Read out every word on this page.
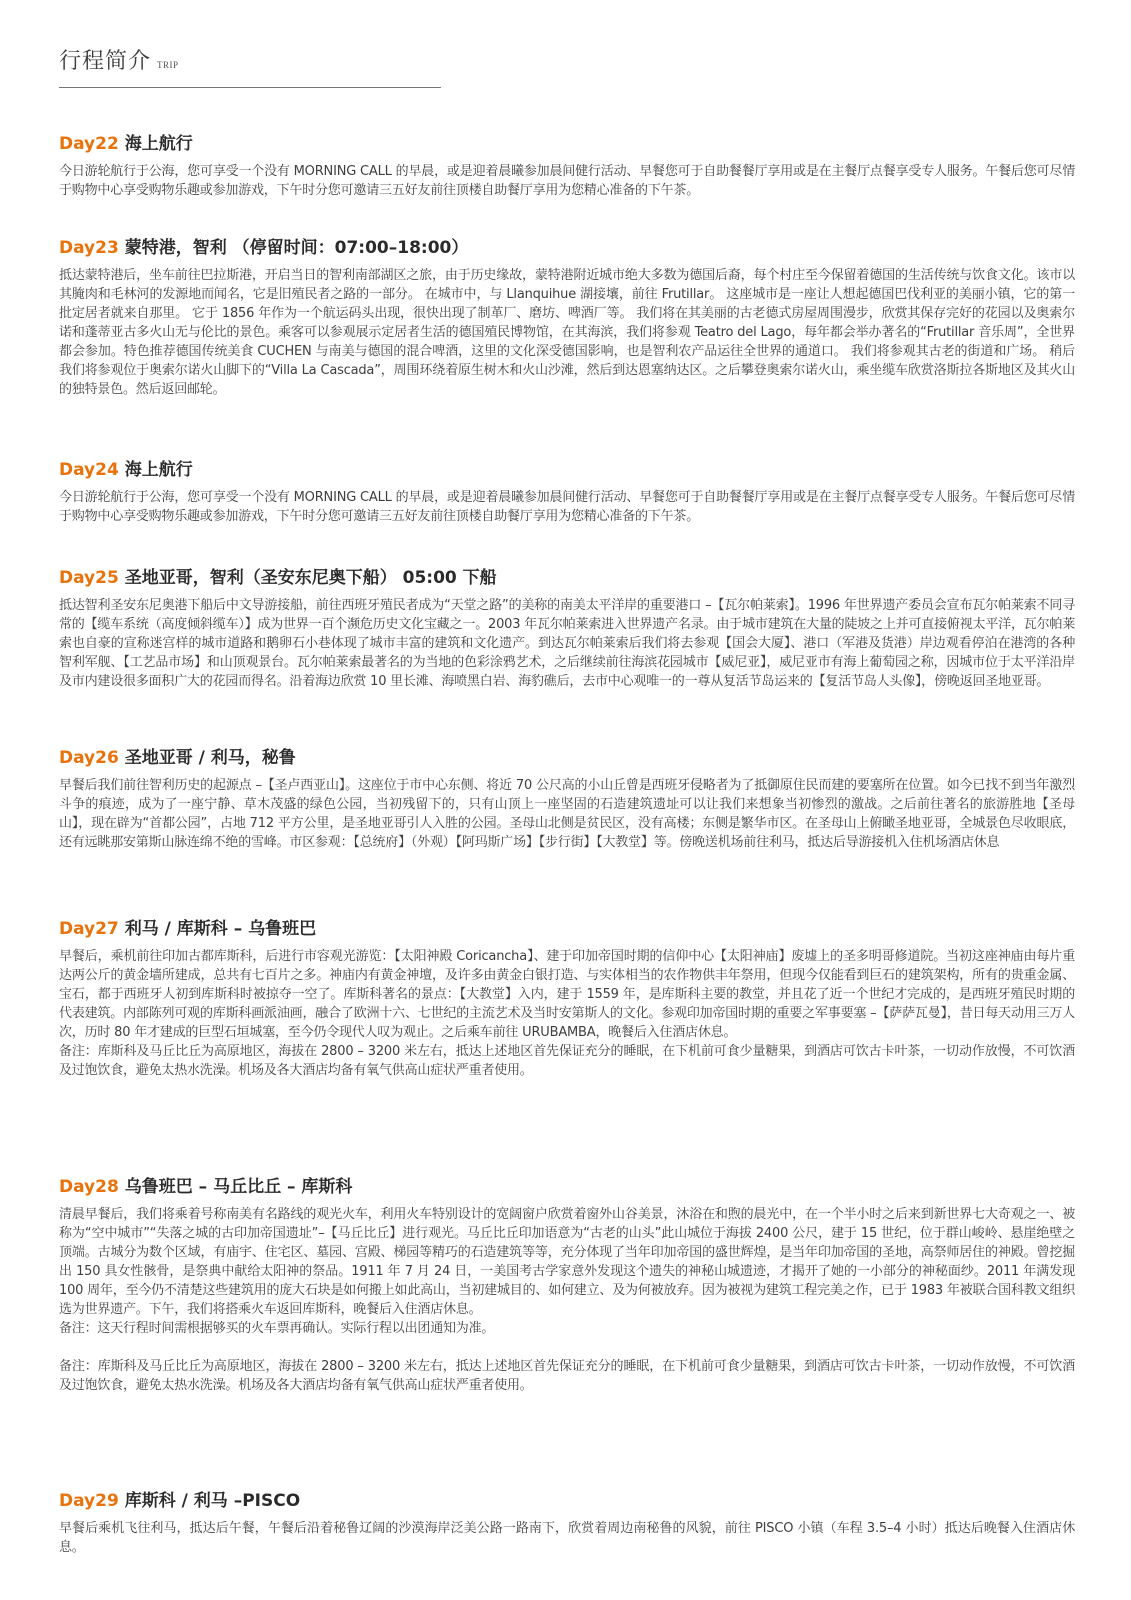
行程简介 TRIP
Day22 海上航行

今日游轮航行于公海，您可享受一个没有 MORNING CALL 的早晨，或是迎着晨曦参加晨间健行活动、早餐您可于自助餐餐厅享用或是在主餐厅点餐享受专人服务。午餐后您可尽情于购物中心享受购物乐趣或参加游戏，下午时分您可邀请三五好友前往顶楼自助餐厅享用为您精心准备的下午茶。

Day23 蒙特港，智利 （停留时间：07:00–18:00）

抵达蒙特港后，坐车前往巴拉斯港，开启当日的智利南部湖区之旅，由于历史缘故，蒙特港附近城市绝大多数为德国后裔，每个村庄至今保留着德国的生活传统与饮食文化。该市以其腌肉和毛林河的发源地而闻名，它是旧殖民者之路的一部分。 在城市中，与 Llanquihue 湖接壤，前往 Frutillar。 这座城市是一座让人想起德国巴伐利亚的美丽小镇，它的第一批定居者就来自那里。 它于 1856 年作为一个航运码头出现，很快出现了制革厂、磨坊、啤酒厂等。 我们将在其美丽的古老德式房屋周围漫步，欣赏其保存完好的花园以及奥索尔诺和蓬蒂亚古多火山无与伦比的景色。乘客可以参观展示定居者生活的德国殖民博物馆，在其海滨，我们将参观 Teatro del Lago，每年都会举办著名的“Frutillar 音乐周”，全世界都会参加。特色推荐德国传统美食 CUCHEN 与南美与德国的混合啤酒，这里的文化深受德国影响，也是智利农产品运往全世界的通道口。 我们将参观其古老的街道和广场。 稍后我们将参观位于奥索尔诺火山脚下的“Villa La Cascada”，周围环绕着原生树木和火山沙滩，然后到达恩塞纳达区。之后攀登奥索尔诺火山，乘坐缆车欣赏洛斯拉各斯地区及其火山的独特景色。然后返回邮轮。

Day24 海上航行

今日游轮航行于公海，您可享受一个没有 MORNING CALL 的早晨，或是迎着晨曦参加晨间健行活动、早餐您可于自助餐餐厅享用或是在主餐厅点餐享受专人服务。午餐后您可尽情于购物中心享受购物乐趣或参加游戏，下午时分您可邀请三五好友前往顶楼自助餐厅享用为您精心准备的下午茶。

Day25 圣地亚哥，智利（圣安东尼奥下船） 05:00 下船

抵达智利圣安东尼奥港下船后中文导游接船，前往西班牙殖民者成为“天堂之路”的美称的南美太平洋岸的重要港口 –【瓦尔帕莱索】。1996 年世界遗产委员会宣布瓦尔帕莱索不同寻常的【缆车系统（高度倾斜缆车）】成为世界一百个濒危历史文化宝藏之一。2003 年瓦尔帕莱索进入世界遗产名录。由于城市建筑在大量的陡坡之上并可直接俯视太平洋，瓦尔帕莱索也自豪的宣称迷宫样的城市道路和鹅卵石小巷体现了城市丰富的建筑和文化遗产。到达瓦尔帕莱索后我们将去参观【国会大厦】、港口（军港及货港）岸边观看停泊在港湾的各种智利军舰、【工艺品市场】和山顶观景台。瓦尔帕莱索最著名的为当地的色彩涂鸦艺术，之后继续前往海滨花园城市【威尼亚】，威尼亚市有海上葡萄园之称，因城市位于太平洋沿岸及市内建设很多面积广大的花园而得名。沿着海边欣赏 10 里长滩、海喷黑白岩、海豹礁后，去市中心观唯一的一尊从复活节岛运来的【复活节岛人头像】，傍晚返回圣地亚哥。

Day26 圣地亚哥 / 利马，秘鲁

早餐后我们前往智利历史的起源点 –【圣卢西亚山】。这座位于市中心东侧、将近 70 公尺高的小山丘曾是西班牙侵略者为了抵御原住民而建的要塞所在位置。如今已找不到当年激烈斗争的痕迹，成为了一座宁静、草木茂盛的绿色公园，当初残留下的，只有山顶上一座坚固的石造建筑遗址可以让我们来想象当初惨烈的激战。之后前往著名的旅游胜地【圣母山】，现在辟为“首都公园”，占地 712 平方公里，是圣地亚哥引人入胜的公园。圣母山北侧是贫民区，没有高楼；东侧是繁华市区。在圣母山上俯瞰圣地亚哥，全城景色尽收眼底，还有远眺那安第斯山脉连绵不绝的雪峰。市区参观：【总统府】（外观）【阿玛斯广场】【步行街】【大教堂】等。傍晚送机场前往利马，抵达后导游接机入住机场酒店休息

Day27 利马 / 库斯科 – 乌鲁班巴

早餐后，乘机前往印加古都库斯科，后进行市容观光游览：【太阳神殿 Coricancha】、建于印加帝国时期的信仰中心【太阳神庙】废墟上的圣多明哥修道院。当初这座神庙由每片重达两公斤的黄金墙所建成，总共有七百片之多。神庙内有黄金神壇，及许多由黄金白银打造、与实体相当的农作物供丰年祭用，但现今仅能看到巨石的建筑架构，所有的贵重金属、宝石，都于西班牙人初到库斯科时被掠夺一空了。库斯科著名的景点：【大教堂】入内，建于 1559 年，是库斯科主要的教堂，并且花了近一个世纪才完成的，是西班牙殖民时期的代表建筑。内部陈列可观的库斯科画派油画，融合了欧洲十六、七世纪的主流艺术及当时安第斯人的文化。参观印加帝国时期的重要之军事要塞 –【萨萨瓦曼】，昔日每天动用三万人次，历时 80 年才建成的巨型石垣城塞，至今仍令现代人叹为观止。之后乘车前往 URUBAMBA，晚餐后入住酒店休息。

备注：库斯科及马丘比丘为高原地区，海拔在 2800 – 3200 米左右，抵达上述地区首先保证充分的睡眠，在下机前可食少量糖果，到酒店可饮古卡叶茶，一切动作放慢，不可饮酒及过饱饮食，避免太热水洗澡。机场及各大酒店均备有氧气供高山症状严重者使用。

Day28 乌鲁班巴 – 马丘比丘 – 库斯科

清晨早餐后，我们将乘着号称南美有名路线的观光火车，利用火车特别设计的宽阔窗户欣赏着窗外山谷美景，沐浴在和煦的晨光中，在一个半小时之后来到新世界七大奇观之一、被称为“空中城市”“失落之城的古印加帝国遗址”–【马丘比丘】进行观光。马丘比丘印加语意为“古老的山头”此山城位于海拔 2400 公尺，建于 15 世纪，位于群山峻岭、悬崖绝壁之顶端。古城分为数个区域，有庙宇、住宅区、墓园、宫殿、梯园等精巧的石造建筑等等，充分体现了当年印加帝国的盛世辉煌，是当年印加帝国的圣地，高祭师居住的神殿。曾挖掘出 150 具女性骸骨，是祭典中献给太阳神的祭品。1911 年 7 月 24 日，一美国考古学家意外发现这个遗失的神秘山城遗迹，才揭开了她的一小部分的神秘面纱。2011 年满发现 100 周年，至今仍不清楚这些建筑用的庞大石块是如何搬上如此高山，当初建城目的、如何建立、及为何被放弃。因为被视为建筑工程完美之作，已于 1983 年被联合国科教文组织选为世界遗产。下午，我们将搭乘火车返回库斯科，晚餐后入住酒店休息。

备注：这天行程时间需根据够买的火车票再确认。实际行程以出团通知为准。

备注：库斯科及马丘比丘为高原地区，海拔在 2800 – 3200 米左右，抵达上述地区首先保证充分的睡眠，在下机前可食少量糖果，到酒店可饮古卡叶茶，一切动作放慢，不可饮酒及过饱饮食，避免太热水洗澡。机场及各大酒店均备有氧气供高山症状严重者使用。

Day29 库斯科 / 利马 –PISCO

早餐后乘机飞往利马，抵达后午餐，午餐后沿着秘鲁辽阔的沙漠海岸泛美公路一路南下，欣赏着周边南秘鲁的风貌，前往 PISCO 小镇（车程 3.5–4 小时）抵达后晚餐入住酒店休息。
